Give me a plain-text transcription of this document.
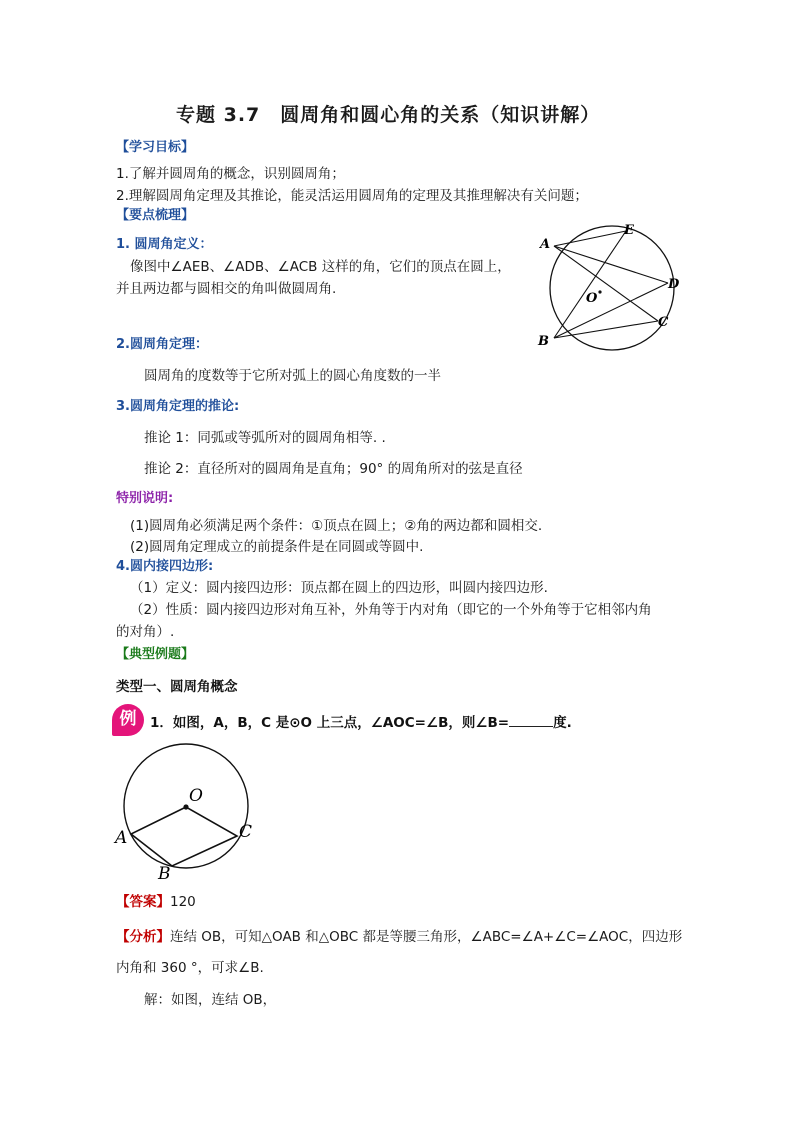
专题 3.7　圆周角和圆心角的关系（知识讲解）
【学习目标】
1.了解并圆周角的概念，识别圆周角；
2.理解圆周角定理及其推论，能灵活运用圆周角的定理及其推理解决有关问题；
【要点梳理】
1. 圆周角定义：
像图中∠AEB、∠ADB、∠ACB 这样的角，它们的顶点在圆上，
并且两边都与圆相交的角叫做圆周角.
A
E
D
C
B
O
2.圆周角定理：
圆周角的度数等于它所对弧上的圆心角度数的一半
3.圆周角定理的推论:
推论 1：同弧或等弧所对的圆周角相等. .
推论 2：直径所对的圆周角是直角；90° 的周角所对的弦是直径
特别说明:
(1)圆周角必须满足两个条件：①顶点在圆上；②角的两边都和圆相交.
(2)圆周角定理成立的前提条件是在同圆或等圆中.
4.圆内接四边形:
（1）定义：圆内接四边形：顶点都在圆上的四边形，叫圆内接四边形.
（2）性质：圆内接四边形对角互补，外角等于内对角（即它的一个外角等于它相邻内角
的对角）.
【典型例题】
类型一、圆周角概念
例	1．如图，A，B，C 是⊙O 上三点，∠AOC=∠B，则∠B=	度.
O
A
B
C
【答案】120
【分析】连结 OB，可知△OAB 和△OBC 都是等腰三角形，∠ABC=∠A+∠C=∠AOC，四边形
内角和 360 °，可求∠B.
解：如图，连结 OB，
